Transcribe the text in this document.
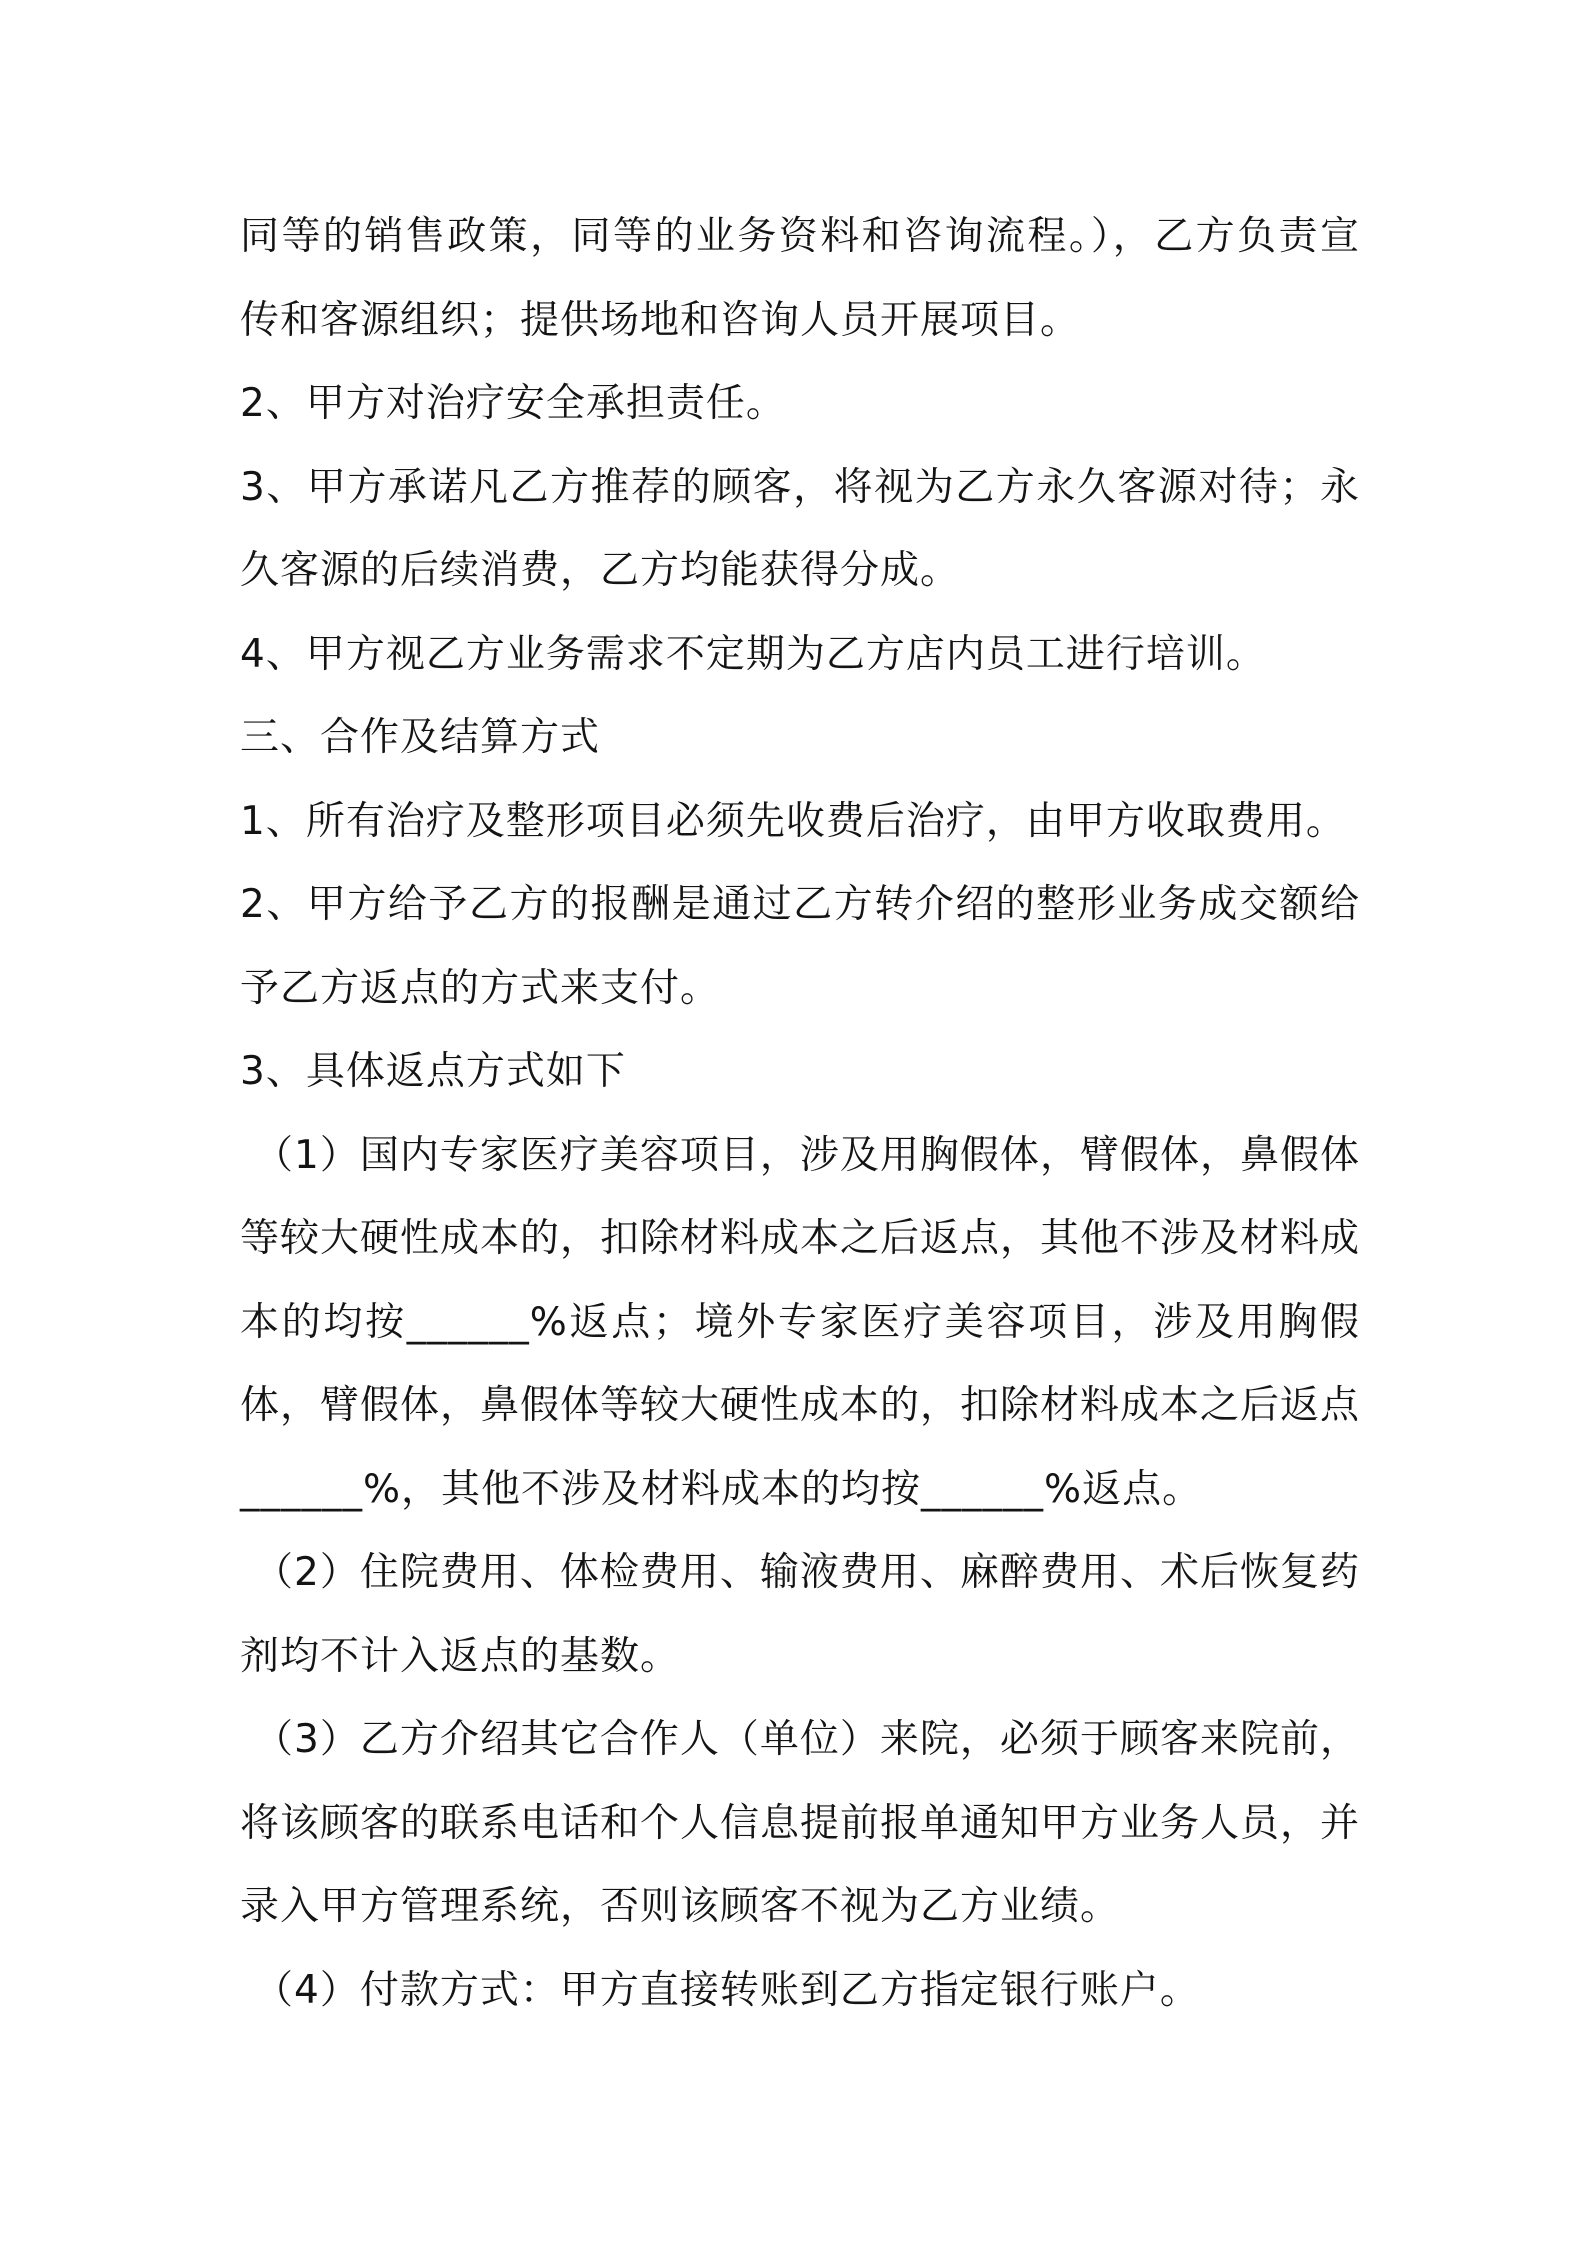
同等的销售政策，同等的业务资料和咨询流程。），乙方负责宣传和客源组织；提供场地和咨询人员开展项目。

2、甲方对治疗安全承担责任。

3、甲方承诺凡乙方推荐的顾客，将视为乙方永久客源对待；永久客源的后续消费，乙方均能获得分成。

4、甲方视乙方业务需求不定期为乙方店内员工进行培训。

三、合作及结算方式

1、所有治疗及整形项目必须先收费后治疗，由甲方收取费用。

2、甲方给予乙方的报酬是通过乙方转介绍的整形业务成交额给予乙方返点的方式来支付。

3、具体返点方式如下

（1）国内专家医疗美容项目，涉及用胸假体，臂假体，鼻假体等较大硬性成本的，扣除材料成本之后返点，其他不涉及材料成本的均按______%返点；境外专家医疗美容项目，涉及用胸假体，臂假体，鼻假体等较大硬性成本的，扣除材料成本之后返点______%，其他不涉及材料成本的均按______%返点。

（2）住院费用、体检费用、输液费用、麻醉费用、术后恢复药剂均不计入返点的基数。

（3）乙方介绍其它合作人（单位）来院，必须于顾客来院前，将该顾客的联系电话和个人信息提前报单通知甲方业务人员，并录入甲方管理系统，否则该顾客不视为乙方业绩。

（4）付款方式：甲方直接转账到乙方指定银行账户。
